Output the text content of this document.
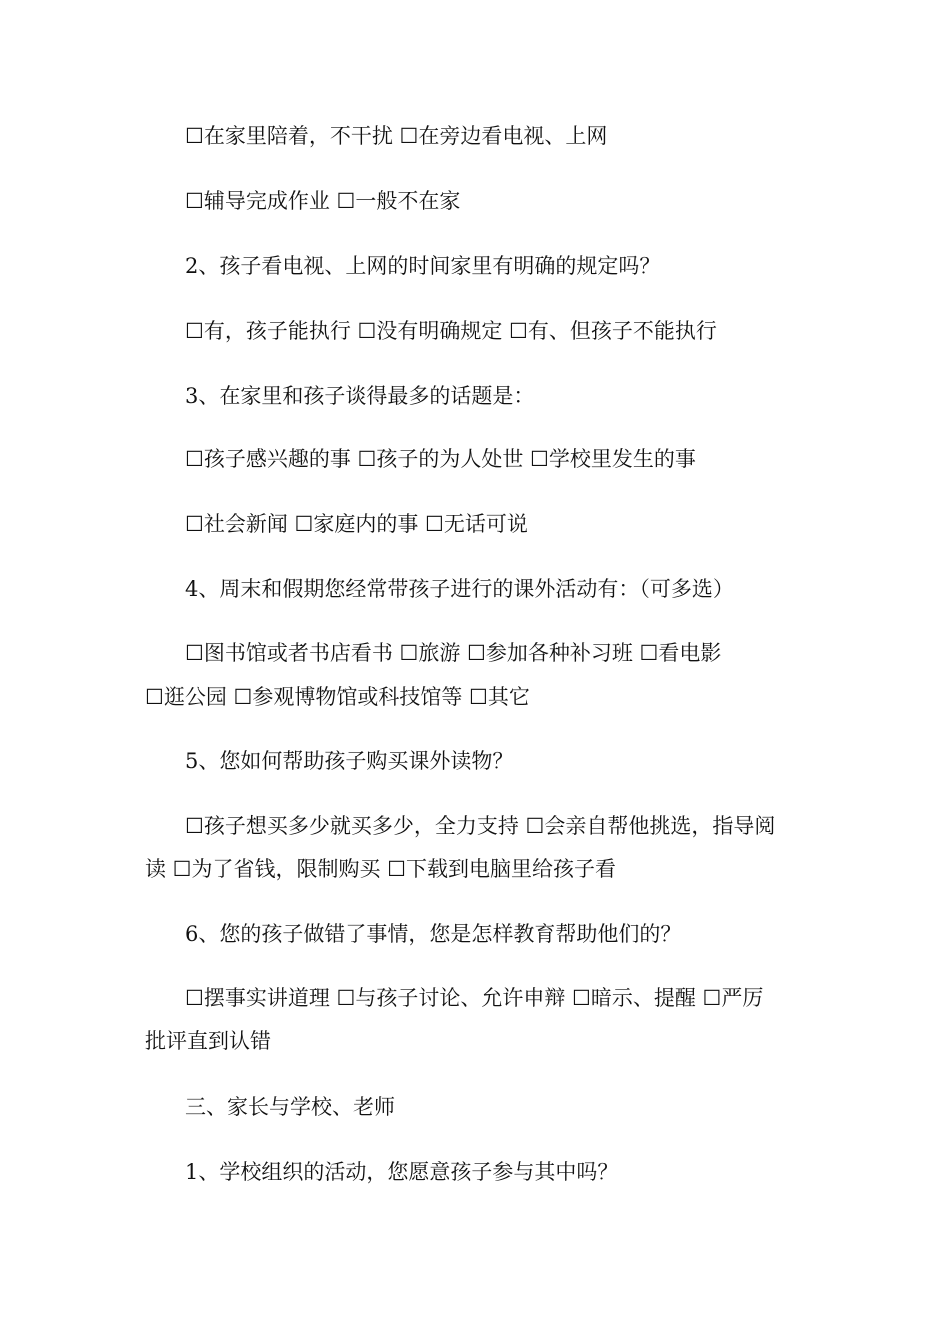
☐在家里陪着，不干扰 ☐在旁边看电视、上网
☐辅导完成作业 ☐一般不在家
2、孩子看电视、上网的时间家里有明确的规定吗？
☐有，孩子能执行 ☐没有明确规定 ☐有、但孩子不能执行
3、在家里和孩子谈得最多的话题是：
☐孩子感兴趣的事 ☐孩子的为人处世 ☐学校里发生的事
☐社会新闻 ☐家庭内的事 ☐无话可说
4、周末和假期您经常带孩子进行的课外活动有：（可多选）
☐图书馆或者书店看书 ☐旅游 ☐参加各种补习班 ☐看电影
☐逛公园 ☐参观博物馆或科技馆等 ☐其它
5、您如何帮助孩子购买课外读物？
☐孩子想买多少就买多少，全力支持 ☐会亲自帮他挑选，指导阅
读 ☐为了省钱，限制购买 ☐下载到电脑里给孩子看
6、您的孩子做错了事情，您是怎样教育帮助他们的？
☐摆事实讲道理 ☐与孩子讨论、允许申辩 ☐暗示、提醒 ☐严厉
批评直到认错
三、家长与学校、老师
1、学校组织的活动，您愿意孩子参与其中吗？
